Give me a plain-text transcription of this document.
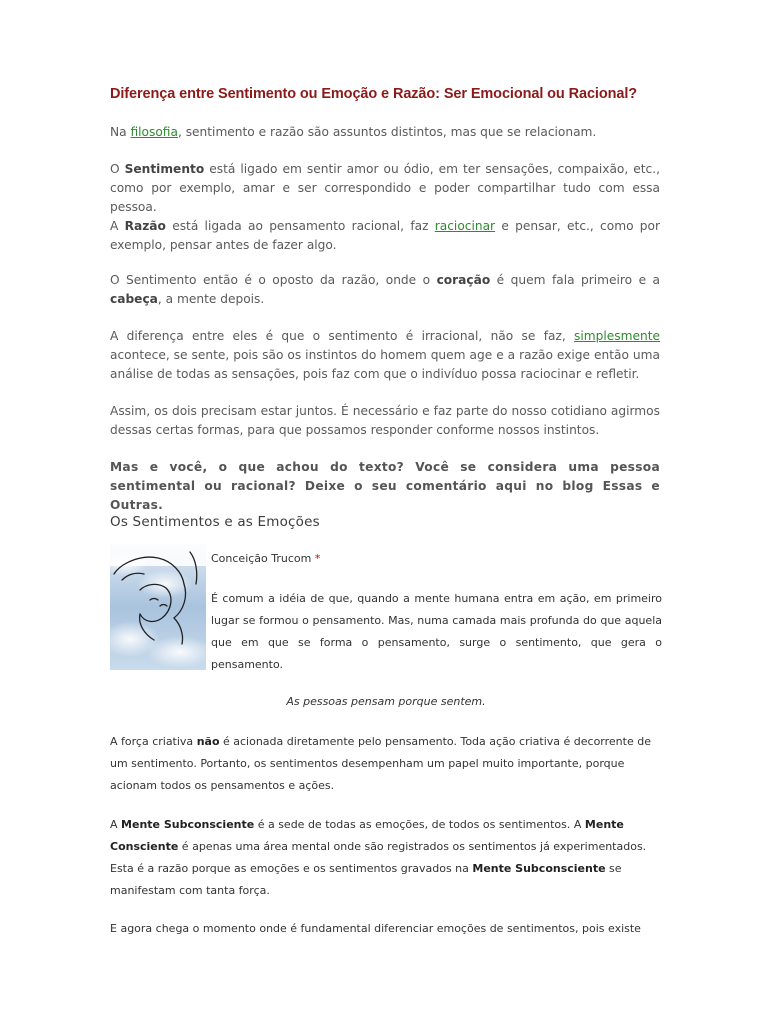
Diferença entre Sentimento ou Emoção e Razão: Ser Emocional ou Racional?

Na filosofia, sentimento e razão são assuntos distintos, mas que se relacionam.

O Sentimento está ligado em sentir amor ou ódio, em ter sensações, compaixão, etc., como por exemplo, amar e ser correspondido e poder compartilhar tudo com essa pessoa.

A Razão está ligada ao pensamento racional, faz raciocinar e pensar, etc., como por exemplo, pensar antes de fazer algo.

O Sentimento então é o oposto da razão, onde o coração é quem fala primeiro e a cabeça, a mente depois.

A diferença entre eles é que o sentimento é irracional, não se faz, simplesmente acontece, se sente, pois são os instintos do homem quem age e a razão exige então uma análise de todas as sensações, pois faz com que o indivíduo possa raciocinar e refletir.

Assim, os dois precisam estar juntos. É necessário e faz parte do nosso cotidiano agirmos dessas certas formas, para que possamos responder conforme nossos instintos.

Mas e você, o que achou do texto? Você se considera uma pessoa sentimental ou racional? Deixe o seu comentário aqui no blog Essas e Outras.

Os Sentimentos e as Emoções
Conceição Trucom *

É comum a idéia de que, quando a mente humana entra em ação, em primeiro lugar se formou o pensamento. Mas, numa camada mais profunda do que aquela que em que se forma o pensamento, surge o sentimento, que gera o pensamento.

As pessoas pensam porque sentem.

A força criativa não é acionada diretamente pelo pensamento. Toda ação criativa é decorrente de um sentimento. Portanto, os sentimentos desempenham um papel muito importante, porque acionam todos os pensamentos e ações.

A Mente Subconsciente é a sede de todas as emoções, de todos os sentimentos. A Mente Consciente é apenas uma área mental onde são registrados os sentimentos já experimentados. Esta é a razão porque as emoções e os sentimentos gravados na Mente Subconsciente se manifestam com tanta força.

E agora chega o momento onde é fundamental diferenciar emoções de sentimentos, pois existe
